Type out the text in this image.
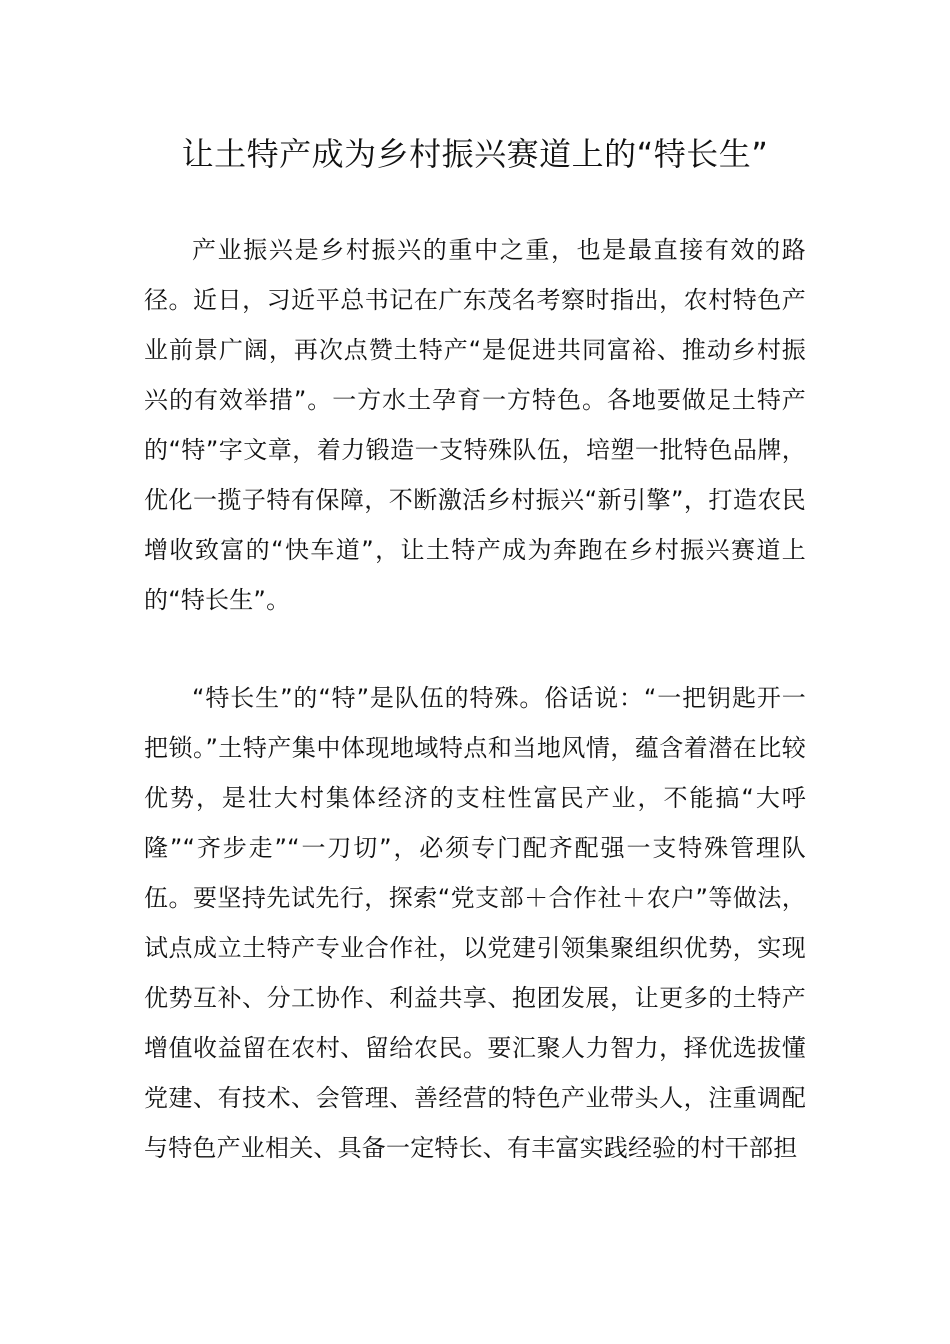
让土特产成为乡村振兴赛道上的“特长生”

产业振兴是乡村振兴的重中之重，也是最直接有效的路径。近日，习近平总书记在广东茂名考察时指出，农村特色产业前景广阔，再次点赞土特产“是促进共同富裕、推动乡村振兴的有效举措”。一方水土孕育一方特色。各地要做足土特产的“特”字文章，着力锻造一支特殊队伍，培塑一批特色品牌，优化一揽子特有保障，不断激活乡村振兴“新引擎”，打造农民增收致富的“快车道”，让土特产成为奔跑在乡村振兴赛道上的“特长生”。

“特长生”的“特”是队伍的特殊。俗话说：“一把钥匙开一把锁。”土特产集中体现地域特点和当地风情，蕴含着潜在比较优势，是壮大村集体经济的支柱性富民产业，不能搞“大呼隆”“齐步走”“一刀切”，必须专门配齐配强一支特殊管理队伍。要坚持先试先行，探索“党支部＋合作社＋农户”等做法，试点成立土特产专业合作社，以党建引领集聚组织优势，实现优势互补、分工协作、利益共享、抱团发展，让更多的土特产增值收益留在农村、留给农民。要汇聚人力智力，择优选拔懂党建、有技术、会管理、善经营的特色产业带头人，注重调配与特色产业相关、具备一定特长、有丰富实践经验的村干部担
